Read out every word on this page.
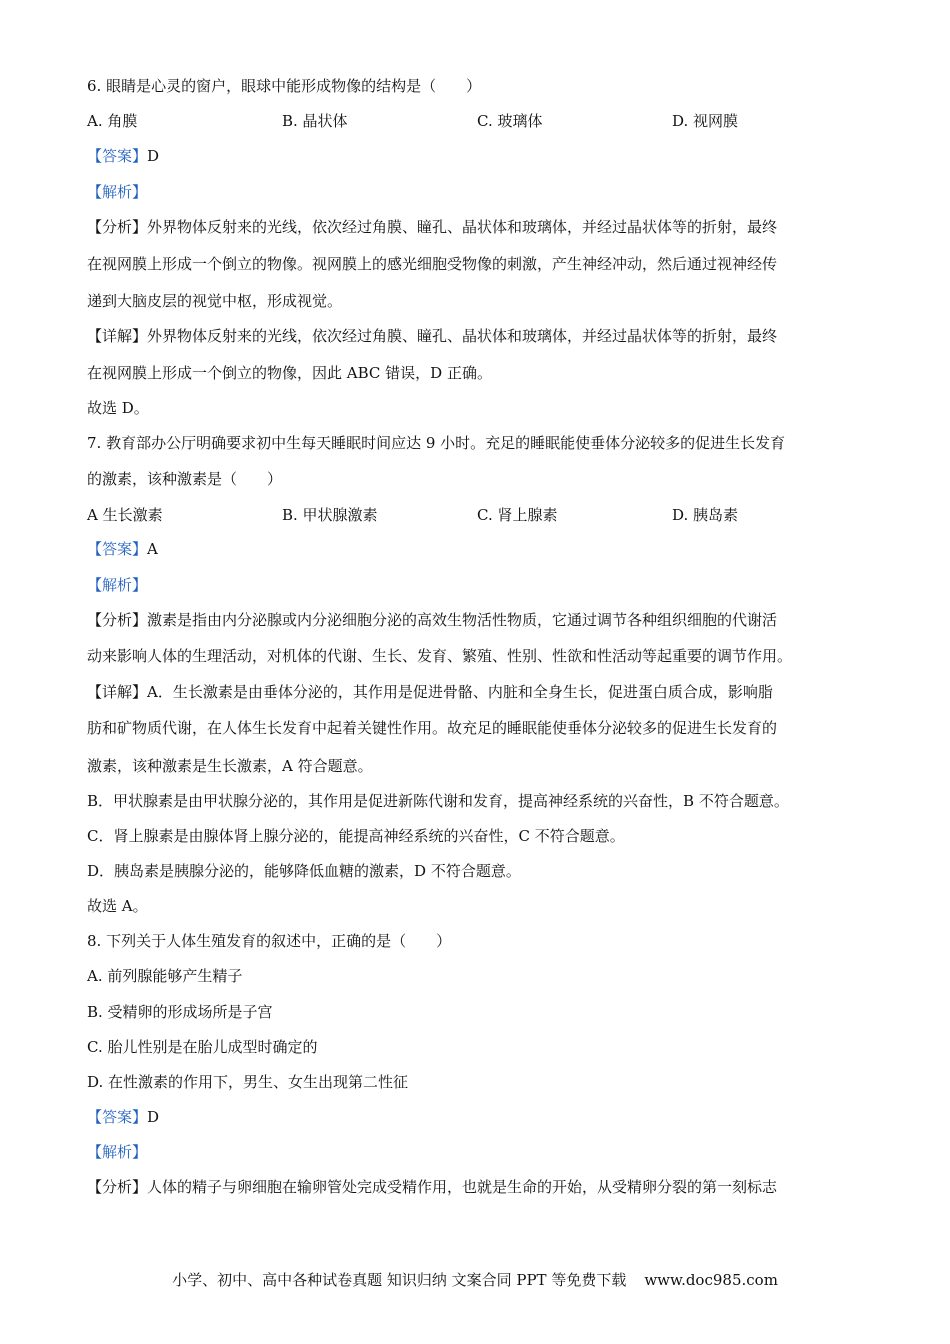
6. 眼睛是心灵的窗户，眼球中能形成物像的结构是（　　）
A. 角膜	B. 晶状体	C. 玻璃体	D. 视网膜
【答案】D
【解析】
【分析】外界物体反射来的光线，依次经过角膜、瞳孔、晶状体和玻璃体，并经过晶状体等的折射，最终
在视网膜上形成一个倒立的物像。视网膜上的感光细胞受物像的刺激，产生神经冲动，然后通过视神经传
递到大脑皮层的视觉中枢，形成视觉。
【详解】外界物体反射来的光线，依次经过角膜、瞳孔、晶状体和玻璃体，并经过晶状体等的折射，最终
在视网膜上形成一个倒立的物像，因此 ABC 错误，D 正确。
故选 D。
7. 教育部办公厅明确要求初中生每天睡眠时间应达 9 小时。充足的睡眠能使垂体分泌较多的促进生长发育
的激素，该种激素是（　　）
A 生长激素	B. 甲状腺激素	C. 肾上腺素	D. 胰岛素
【答案】A
【解析】
【分析】激素是指由内分泌腺或内分泌细胞分泌的高效生物活性物质，它通过调节各种组织细胞的代谢活
动来影响人体的生理活动，对机体的代谢、生长、发育、繁殖、性别、性欲和性活动等起重要的调节作用。
【详解】A．生长激素是由垂体分泌的，其作用是促进骨骼、内脏和全身生长，促进蛋白质合成，影响脂
肪和矿物质代谢，在人体生长发育中起着关键性作用。故充足的睡眠能使垂体分泌较多的促进生长发育的
激素，该种激素是生长激素，A 符合题意。
B．甲状腺素是由甲状腺分泌的，其作用是促进新陈代谢和发育，提高神经系统的兴奋性，B 不符合题意。
C．肾上腺素是由腺体肾上腺分泌的，能提高神经系统的兴奋性，C 不符合题意。
D．胰岛素是胰腺分泌的，能够降低血糖的激素，D 不符合题意。
故选 A。
8. 下列关于人体生殖发育的叙述中，正确的是（　　）
A. 前列腺能够产生精子
B. 受精卵的形成场所是子宫
C. 胎儿性别是在胎儿成型时确定的
D. 在性激素的作用下，男生、女生出现第二性征
【答案】D
【解析】
【分析】人体的精子与卵细胞在输卵管处完成受精作用，也就是生命的开始，从受精卵分裂的第一刻标志
小学、初中、高中各种试卷真题 知识归纳 文案合同 PPT 等免费下载 www.doc985.com
